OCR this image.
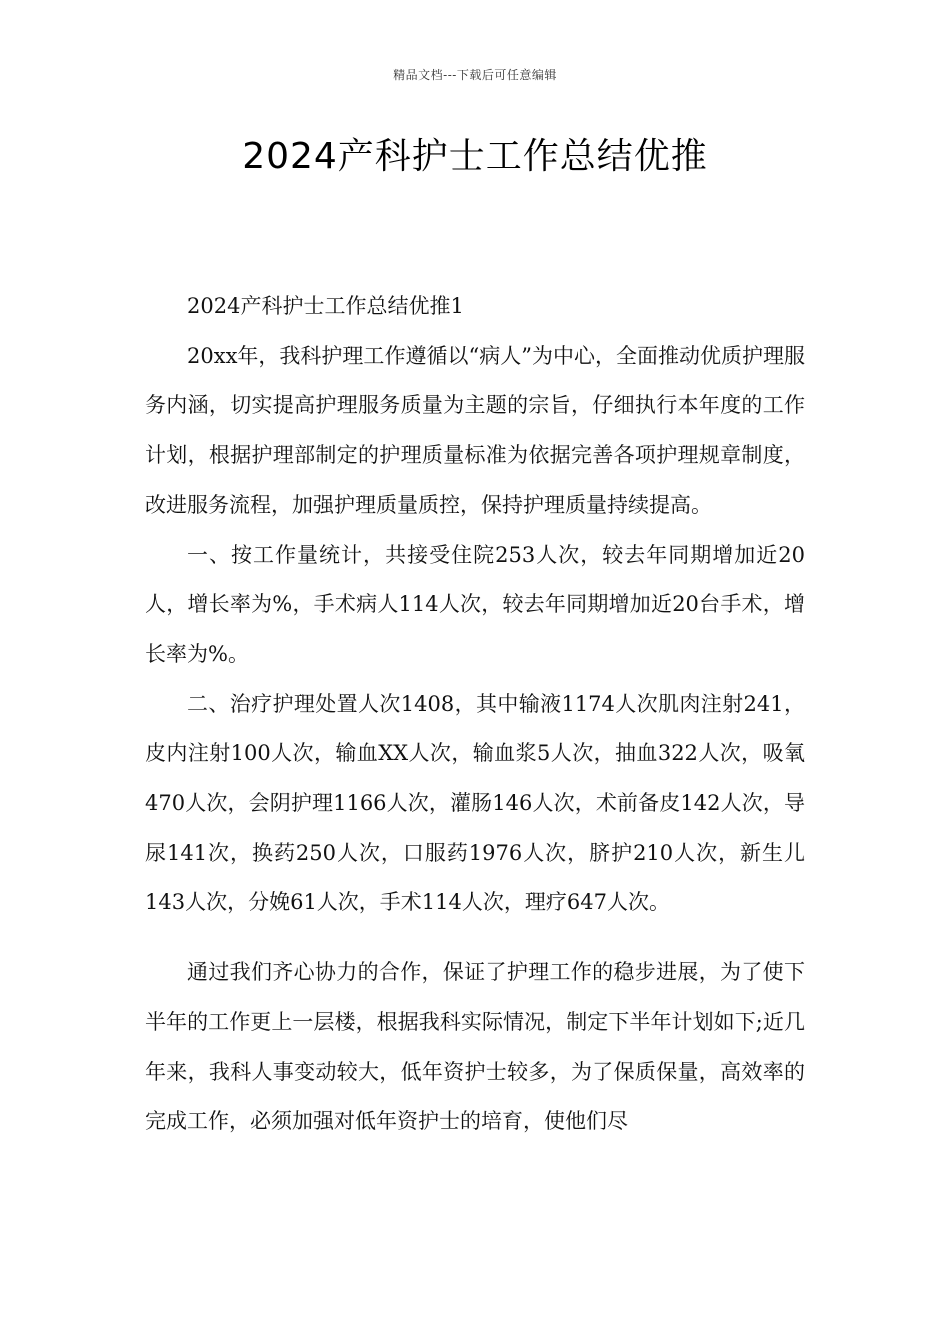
精品文档---下载后可任意编辑
2024产科护士工作总结优推

2024产科护士工作总结优推1

20xx年，我科护理工作遵循以“病人”为中心，全面推动优质护理服务内涵，切实提高护理服务质量为主题的宗旨，仔细执行本年度的工作计划，根据护理部制定的护理质量标准为依据完善各项护理规章制度，改进服务流程，加强护理质量质控，保持护理质量持续提高。

一、按工作量统计，共接受住院253人次，较去年同期增加近20人，增长率为%，手术病人114人次，较去年同期增加近20台手术，增长率为%。

二、治疗护理处置人次1408，其中输液1174人次肌肉注射241，皮内注射100人次，输血XX人次，输血浆5人次，抽血322人次，吸氧470人次，会阴护理1166人次，灌肠146人次，术前备皮142人次，导尿141次，换药250人次，口服药1976人次，脐护210人次，新生儿143人次，分娩61人次，手术114人次，理疗647人次。

通过我们齐心协力的合作，保证了护理工作的稳步进展，为了使下半年的工作更上一层楼，根据我科实际情况，制定下半年计划如下;近几年来，我科人事变动较大，低年资护士较多，为了保质保量，高效率的完成工作，必须加强对低年资护士的培育，使他们尽
